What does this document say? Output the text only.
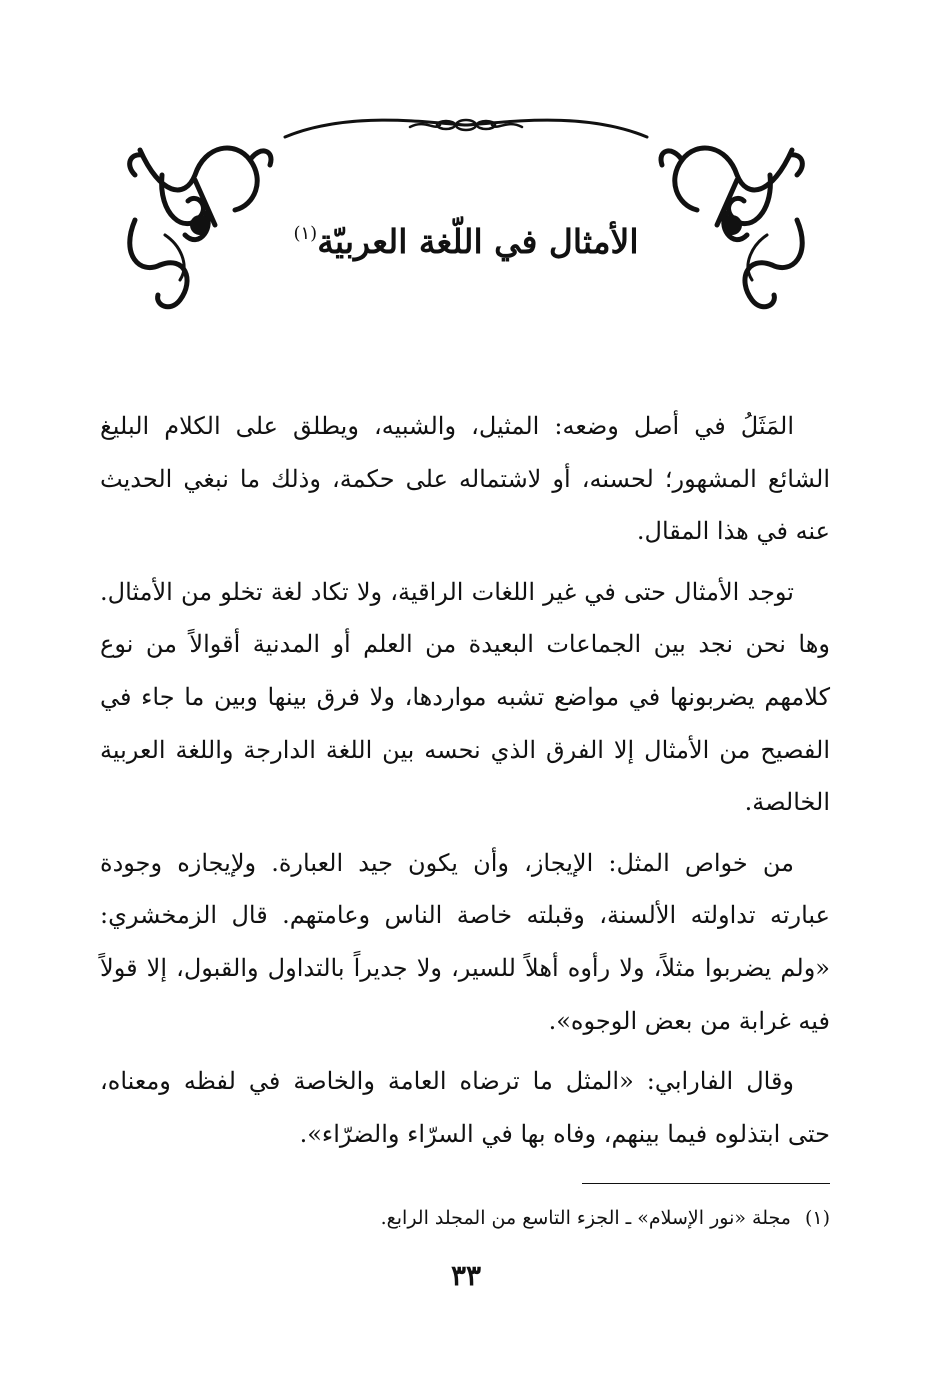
الأمثال في اللّغة العربيّة$^{(١)}$

المَثَلُ في أصل وضعه: المثيل، والشبيه، ويطلق على الكلام البليغ الشائع المشهور؛ لحسنه، أو لاشتماله على حكمة، وذلك ما نبغي الحديث عنه في هذا المقال.

توجد الأمثال حتى في غير اللغات الراقية، ولا تكاد لغة تخلو من الأمثال. وها نحن نجد بين الجماعات البعيدة من العلم أو المدنية أقوالاً من نوع كلامهم يضربونها في مواضع تشبه مواردها، ولا فرق بينها وبين ما جاء في الفصيح من الأمثال إلا الفرق الذي نحسه بين اللغة الدارجة واللغة العربية الخالصة.

من خواص المثل: الإيجاز، وأن يكون جيد العبارة. ولإيجازه وجودة عبارته تداولته الألسنة، وقبلته خاصة الناس وعامتهم. قال الزمخشري: «ولم يضربوا مثلاً، ولا رأوه أهلاً للسير، ولا جديراً بالتداول والقبول، إلا قولاً فيه غرابة من بعض الوجوه».

وقال الفارابي: «المثل ما ترضاه العامة والخاصة في لفظه ومعناه، حتى ابتذلوه فيما بينهم، وفاه بها في السرّاء والضرّاء».

(١)مجلة «نور الإسلام» ـ الجزء التاسع من المجلد الرابع.
٣٣
